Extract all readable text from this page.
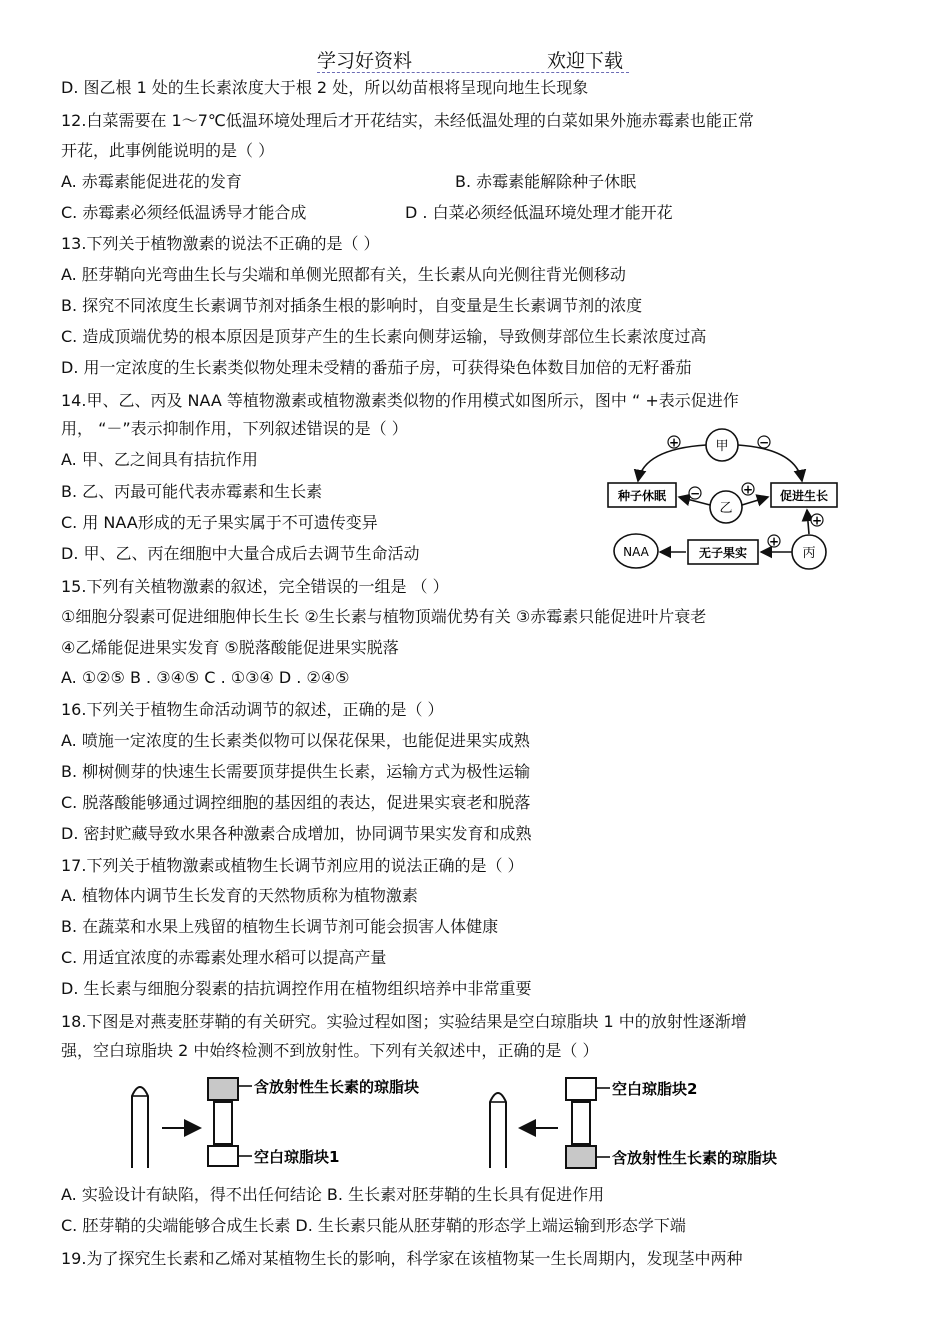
学习好资料	欢迎下载
D. 图乙根 1 处的生长素浓度大于根 2 处，所以幼苗根将呈现向地生长现象
12.白菜需要在 1～7℃低温环境处理后才开花结实，未经低温处理的白菜如果外施赤霉素也能正常
开花，此事例能说明的是（ ）
A. 赤霉素能促进花的发育	B. 赤霉素能解除种子休眠
C. 赤霉素必须经低温诱导才能合成	D . 白菜必须经低温环境处理才能开花
13.下列关于植物激素的说法不正确的是（ ）
A. 胚芽鞘向光弯曲生长与尖端和单侧光照都有关，生长素从向光侧往背光侧移动
B. 探究不同浓度生长素调节剂对插条生根的影响时，自变量是生长素调节剂的浓度
C. 造成顶端优势的根本原因是顶芽产生的生长素向侧芽运输，导致侧芽部位生长素浓度过高
D. 用一定浓度的生长素类似物处理未受精的番茄子房，可获得染色体数目加倍的无籽番茄
14.甲、乙、丙及 NAA 等植物激素或植物激素类似物的作用模式如图所示，图中 “ +表示促进作
用， “－”表示抑制作用，下列叙述错误的是（ ）
A. 甲、乙之间具有拮抗作用
B. 乙、丙最可能代表赤霉素和生长素
C. 用 NAA形成的无子果实属于不可遗传变异
D. 甲、乙、丙在细胞中大量合成后去调节生命活动
甲
乙
丙
NAA
种子休眠	促进生长
无子果实
+	−
−	+
+
+
15.下列有关植物激素的叙述，完全错误的一组是 （ ）
①细胞分裂素可促进细胞伸长生长 ②生长素与植物顶端优势有关 ③赤霉素只能促进叶片衰老
④乙烯能促进果实发育 ⑤脱落酸能促进果实脱落
A. ①②⑤ B . ③④⑤ C . ①③④ D . ②④⑤
16.下列关于植物生命活动调节的叙述，正确的是（ ）
A. 喷施一定浓度的生长素类似物可以保花保果，也能促进果实成熟
B. 柳树侧芽的快速生长需要顶芽提供生长素，运输方式为极性运输
C. 脱落酸能够通过调控细胞的基因组的表达，促进果实衰老和脱落
D. 密封贮藏导致水果各种激素合成增加，协同调节果实发育和成熟
17.下列关于植物激素或植物生长调节剂应用的说法正确的是（ ）
A. 植物体内调节生长发育的天然物质称为植物激素
B. 在蔬菜和水果上残留的植物生长调节剂可能会损害人体健康
C. 用适宜浓度的赤霉素处理水稻可以提高产量
D. 生长素与细胞分裂素的拮抗调控作用在植物组织培养中非常重要
18.下图是对燕麦胚芽鞘的有关研究。实验过程如图；实验结果是空白琼脂块 1 中的放射性逐渐增
强，空白琼脂块 2 中始终检测不到放射性。下列有关叙述中，正确的是（ ）
含放射性生长素的琼脂块
空白琼脂块1
空白琼脂块2
含放射性生长素的琼脂块
A. 实验设计有缺陷，得不出任何结论 B. 生长素对胚芽鞘的生长具有促进作用
C. 胚芽鞘的尖端能够合成生长素 D. 生长素只能从胚芽鞘的形态学上端运输到形态学下端
19.为了探究生长素和乙烯对某植物生长的影响，科学家在该植物某一生长周期内，发现茎中两种
